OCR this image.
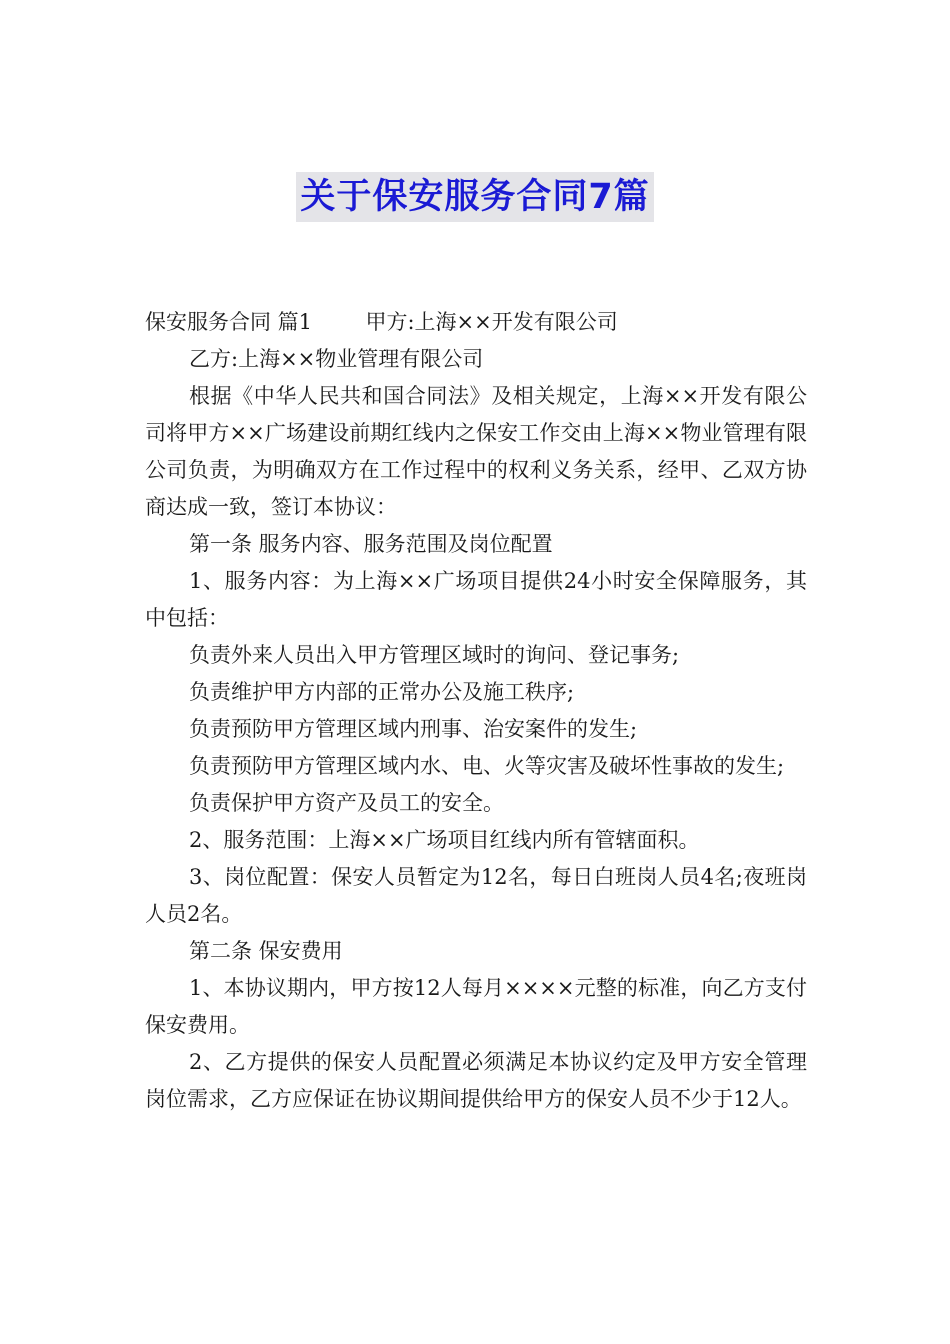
关于保安服务合同7篇

保安服务合同 篇1        甲方:上海××开发有限公司

乙方:上海××物业管理有限公司

根据《中华人民共和国合同法》及相关规定，上海××开发有限公司将甲方××广场建设前期红线内之保安工作交由上海××物业管理有限公司负责，为明确双方在工作过程中的权利义务关系，经甲、乙双方协商达成一致，签订本协议：

第一条 服务内容、服务范围及岗位配置

1、服务内容：为上海××广场项目提供24小时安全保障服务，其中包括：

负责外来人员出入甲方管理区域时的询问、登记事务;

负责维护甲方内部的正常办公及施工秩序;

负责预防甲方管理区域内刑事、治安案件的发生;

负责预防甲方管理区域内水、电、火等灾害及破坏性事故的发生;

负责保护甲方资产及员工的安全。

2、服务范围：上海××广场项目红线内所有管辖面积。

3、岗位配置：保安人员暂定为12名，每日白班岗人员4名;夜班岗人员2名。

第二条 保安费用

1、本协议期内，甲方按12人每月××××元整的标准，向乙方支付保安费用。

2、乙方提供的保安人员配置必须满足本协议约定及甲方安全管理岗位需求，乙方应保证在协议期间提供给甲方的保安人员不少于12人。
